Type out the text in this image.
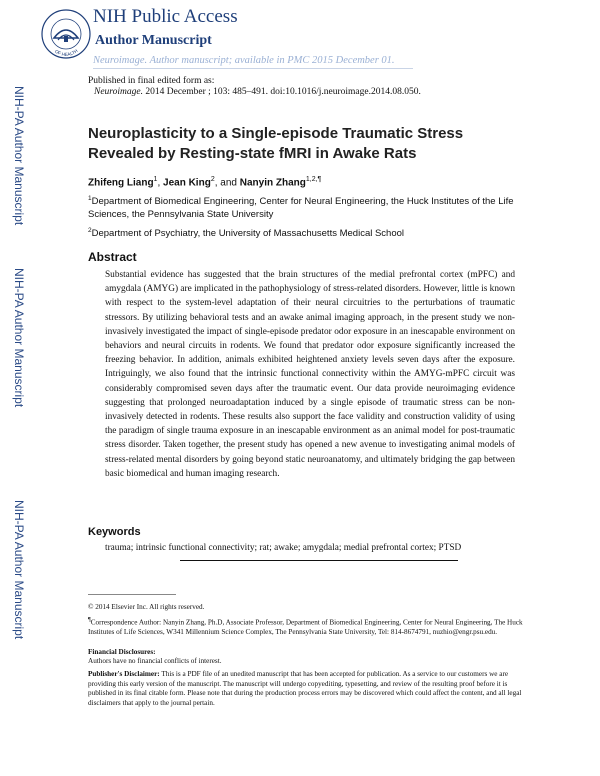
OF HEALTH
NIH Public Access
Author Manuscript
Neuroimage. Author manuscript; available in PMC 2015 December 01.
Published in final edited form as:
Neuroimage. 2014 December ; 103: 485–491. doi:10.1016/j.neuroimage.2014.08.050.
NIH-PA Author Manuscript
NIH-PA Author Manuscript
NIH-PA Author Manuscript
Neuroplasticity to a Single-episode Traumatic Stress Revealed by Resting-state fMRI in Awake Rats
Zhifeng Liang$^1$, Jean King$^2$, and Nanyin Zhang$^{1,2,\P}$
$^1$Department of Biomedical Engineering, Center for Neural Engineering, the Huck Institutes of the Life Sciences, the Pennsylvania State University
$^2$Department of Psychiatry, the University of Massachusetts Medical School
Abstract
Substantial evidence has suggested that the brain structures of the medial prefrontal cortex (mPFC) and amygdala (AMYG) are implicated in the pathophysiology of stress-related disorders. However, little is known with respect to the system-level adaptation of their neural circuitries to the perturbations of traumatic stressors. By utilizing behavioral tests and an awake animal imaging approach, in the present study we non-invasively investigated the impact of single-episode predator odor exposure in an inescapable environment on behaviors and neural circuits in rodents. We found that predator odor exposure significantly increased the freezing behavior. In addition, animals exhibited heightened anxiety levels seven days after the exposure. Intriguingly, we also found that the intrinsic functional connectivity within the AMYG-mPFC circuit was considerably compromised seven days after the traumatic event. Our data provide neuroimaging evidence suggesting that prolonged neuroadaptation induced by a single episode of traumatic stress can be non-invasively detected in rodents. These results also support the face validity and construction validity of using the paradigm of single trauma exposure in an inescapable environment as an animal model for post-traumatic stress disorder. Taken together, the present study has opened a new avenue to investigating animal models of stress-related mental disorders by going beyond static neuroanatomy, and ultimately bridging the gap between basic biomedical and human imaging research.
Keywords
trauma; intrinsic functional connectivity; rat; awake; amygdala; medial prefrontal cortex; PTSD
© 2014 Elsevier Inc. All rights reserved.
¶Correspondence Author: Nanyin Zhang, Ph.D, Associate Professor, Department of Biomedical Engineering, Center for Neural Engineering, The Huck Institutes of Life Sciences, W341 Millennium Science Complex, The Pennsylvania State University, Tel: 814-8674791, nuzhio@engr.psu.edu.
Financial Disclosures:
Authors have no financial conflicts of interest.
Publisher's Disclaimer: This is a PDF file of an unedited manuscript that has been accepted for publication. As a service to our customers we are providing this early version of the manuscript. The manuscript will undergo copyediting, typesetting, and review of the resulting proof before it is published in its final citable form. Please note that during the production process errors may be discovered which could affect the content, and all legal disclaimers that apply to the journal pertain.
